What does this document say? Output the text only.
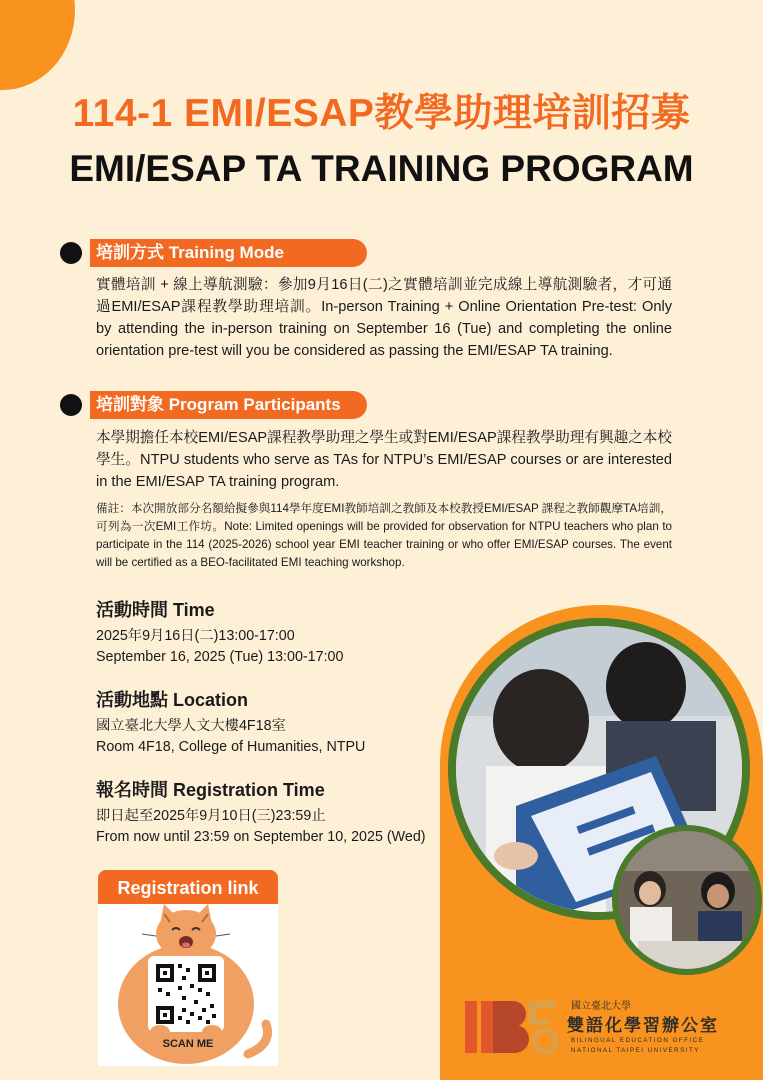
114-1 EMI/ESAP教學助理培訓招募
EMI/ESAP TA TRAINING PROGRAM
培訓方式 Training Mode
實體培訓 + 線上導航測驗：參加9月16日(二)之實體培訓並完成線上導航測驗者，才可通過EMI/ESAP課程教學助理培訓。In-person Training + Online Orientation Pre-test: Only by attending the in-person training on September 16 (Tue) and completing the online orientation pre-test will you be considered as passing the EMI/ESAP TA training.
培訓對象 Program Participants
本學期擔任本校EMI/ESAP課程教學助理之學生或對EMI/ESAP課程教學助理有興趣之本校學生。NTPU students who serve as TAs for NTPU’s EMI/ESAP courses or are interested in the EMI/ESAP TA training program.
備註：本次開放部分名額給擬參與114學年度EMI教師培訓之教師及本校教授EMI/ESAP 課程之教師觀摩TA培訓，可列為一次EMI工作坊。Note: Limited openings will be provided for observation for NTPU teachers who plan to participate in the 114 (2025-2026) school year EMI teacher training or who offer EMI/ESAP courses. The event will be certified as a BEO-facilitated EMI teaching workshop.
活動時間 Time
2025年9月16日(二)13:00-17:00
September 16, 2025 (Tue) 13:00-17:00
活動地點 Location
國立臺北大學人文大樓4F18室
Room 4F18, College of Humanities, NTPU
報名時間 Registration Time
即日起至2025年9月10日(三)23:59止
From now until 23:59 on September 10, 2025 (Wed)
Registration link
SCAN ME
國立臺北大學
雙語化學習辦公室
BILINGUAL EDUCATION OFFICE
NATIONAL TAIPEI UNIVERSITY
